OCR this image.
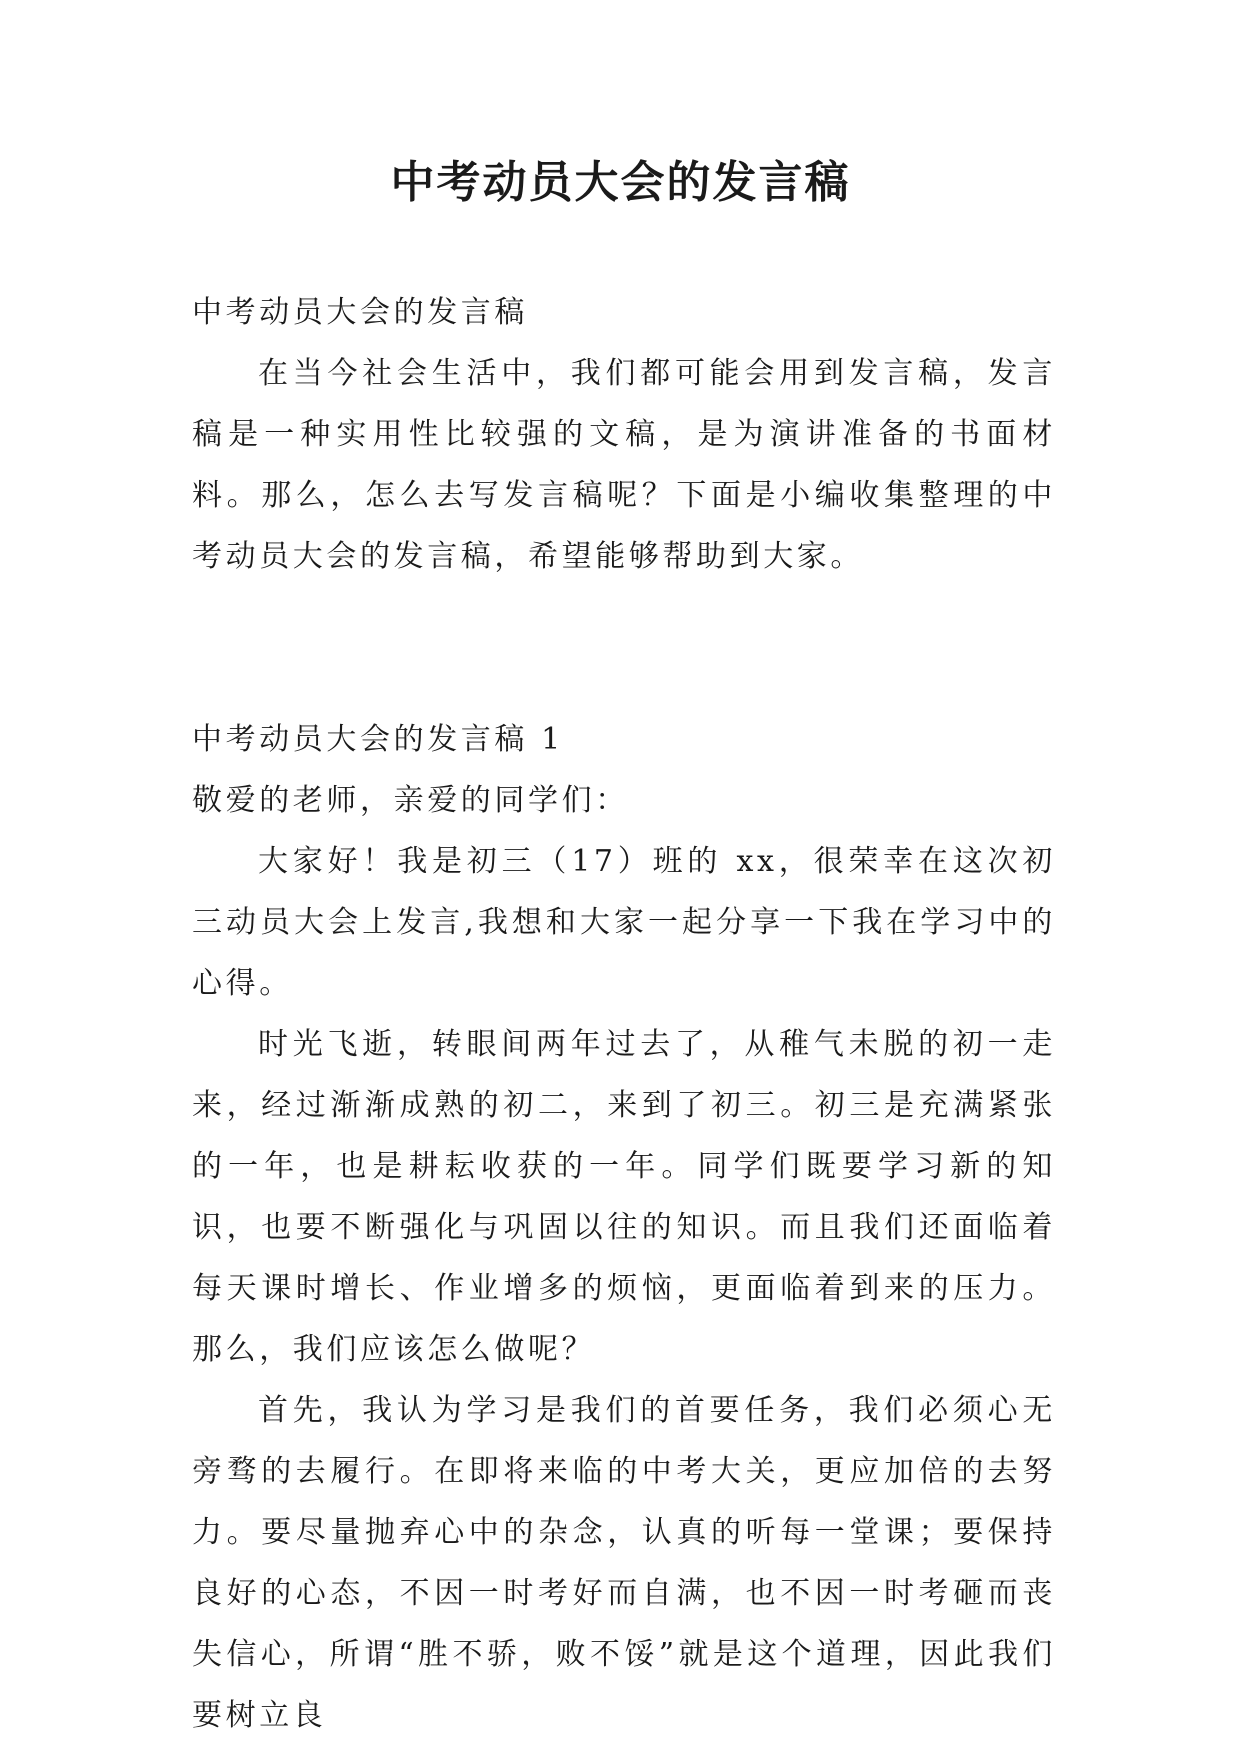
中考动员大会的发言稿

中考动员大会的发言稿

在当今社会生活中，我们都可能会用到发言稿，发言稿是一种实用性比较强的文稿，是为演讲准备的书面材料。那么，怎么去写发言稿呢？下面是小编收集整理的中考动员大会的发言稿，希望能够帮助到大家。

中考动员大会的发言稿 1

敬爱的老师，亲爱的同学们：

大家好！我是初三（17）班的 xx，很荣幸在这次初三动员大会上发言,我想和大家一起分享一下我在学习中的心得。

时光飞逝，转眼间两年过去了，从稚气未脱的初一走来，经过渐渐成熟的初二，来到了初三。初三是充满紧张的一年，也是耕耘收获的一年。同学们既要学习新的知识，也要不断强化与巩固以往的知识。而且我们还面临着每天课时增长、作业增多的烦恼，更面临着到来的压力。那么，我们应该怎么做呢？

首先，我认为学习是我们的首要任务，我们必须心无旁骛的去履行。在即将来临的中考大关，更应加倍的去努力。要尽量抛弃心中的杂念，认真的听每一堂课；要保持良好的心态，不因一时考好而自满，也不因一时考砸而丧失信心，所谓“胜不骄，败不馁”就是这个道理，因此我们要树立良
